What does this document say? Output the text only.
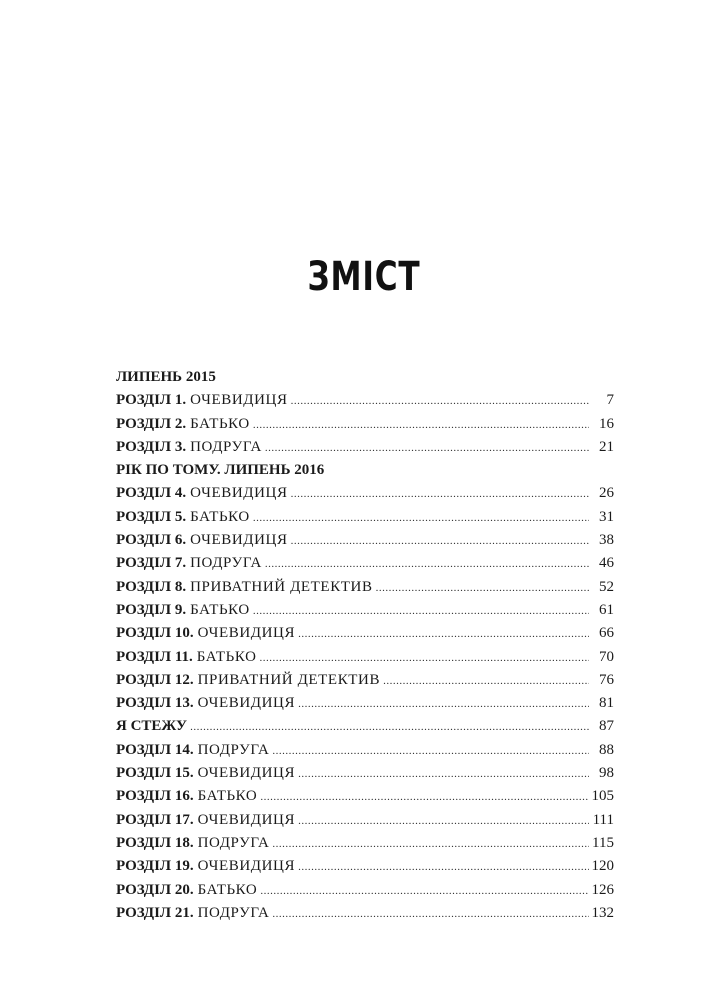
ЗМІСТ
ЛИПЕНЬ 2015
РОЗДІЛ 1. ОЧЕВИДИЦЯ .....	7
РОЗДІЛ 2. БАТЬКО .....	16
РОЗДІЛ 3. ПОДРУГА .....	21
РІК ПО ТОМУ. ЛИПЕНЬ 2016
РОЗДІЛ 4. ОЧЕВИДИЦЯ .....	26
РОЗДІЛ 5. БАТЬКО .....	31
РОЗДІЛ 6. ОЧЕВИДИЦЯ .....	38
РОЗДІЛ 7. ПОДРУГА .....	46
РОЗДІЛ 8. ПРИВАТНИЙ ДЕТЕКТИВ .....	52
РОЗДІЛ 9. БАТЬКО .....	61
РОЗДІЛ 10. ОЧЕВИДИЦЯ .....	66
РОЗДІЛ 11. БАТЬКО .....	70
РОЗДІЛ 12. ПРИВАТНИЙ ДЕТЕКТИВ .....	76
РОЗДІЛ 13. ОЧЕВИДИЦЯ .....	81
Я СТЕЖУ .....	87
РОЗДІЛ 14. ПОДРУГА .....	88
РОЗДІЛ 15. ОЧЕВИДИЦЯ .....	98
РОЗДІЛ 16. БАТЬКО .....	105
РОЗДІЛ 17. ОЧЕВИДИЦЯ .....	111
РОЗДІЛ 18. ПОДРУГА .....	115
РОЗДІЛ 19. ОЧЕВИДИЦЯ .....	120
РОЗДІЛ 20. БАТЬКО .....	126
РОЗДІЛ 21. ПОДРУГА .....	132
